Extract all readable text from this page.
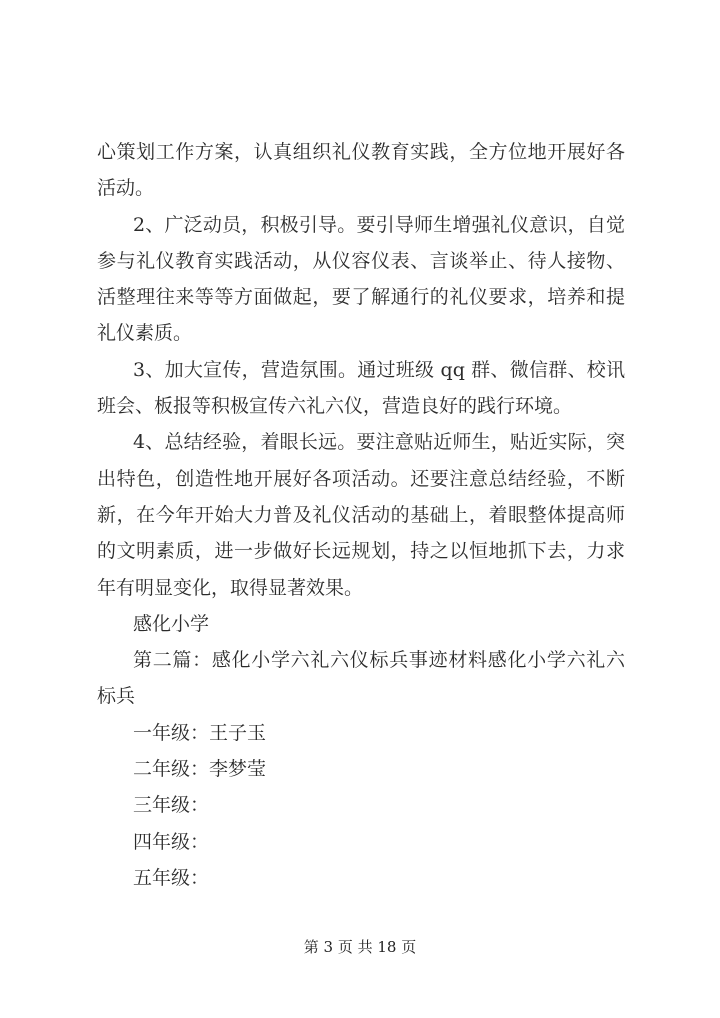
心策划工作方案，认真组织礼仪教育实践，全方位地开展好各
活动。
2、广泛动员，积极引导。要引导师生增强礼仪意识，自觉
参与礼仪教育实践活动，从仪容仪表、言谈举止、待人接物、
活整理往来等等方面做起，要了解通行的礼仪要求，培养和提
礼仪素质。
3、加大宣传，营造氛围。通过班级 qq 群、微信群、校讯
班会、板报等积极宣传六礼六仪，营造良好的践行环境。
4、总结经验，着眼长远。要注意贴近师生，贴近实际，突
出特色，创造性地开展好各项活动。还要注意总结经验，不断
新，在今年开始大力普及礼仪活动的基础上，着眼整体提高师
的文明素质，进一步做好长远规划，持之以恒地抓下去，力求
年有明显变化，取得显著效果。
感化小学
第二篇：感化小学六礼六仪标兵事迹材料感化小学六礼六
标兵
一年级：王子玉
二年级：李梦莹
三年级：
四年级：
五年级：
第 3 页 共 18 页
